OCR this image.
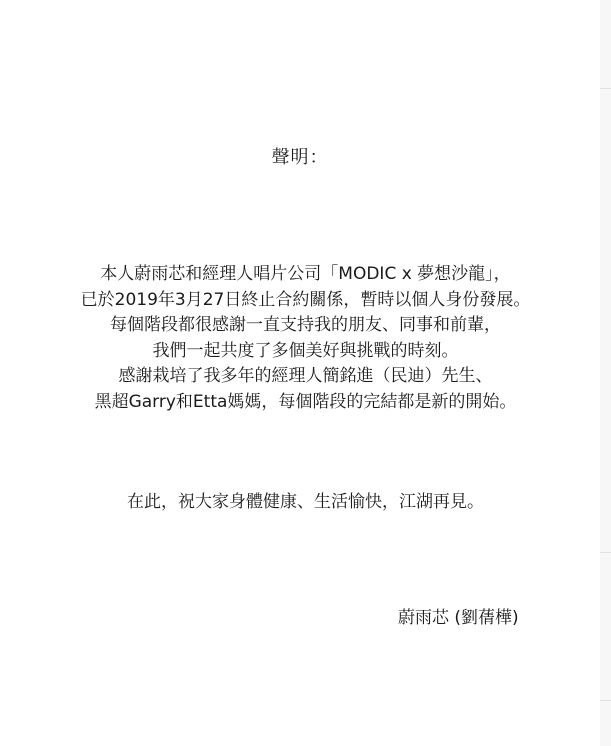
聲明：
本人蔚雨芯和經理人唱片公司「MODIC x 夢想沙龍」，
已於2019年3月27日終止合約關係，暫時以個人身份發展。
每個階段都很感謝一直支持我的朋友、同事和前輩，
我們一起共度了多個美好與挑戰的時刻。
感謝栽培了我多年的經理人簡銘進（民迪）先生、
黑超Garry和Etta媽媽，每個階段的完結都是新的開始。
在此，祝大家身體健康、生活愉快，江湖再見。
蔚雨芯 (劉蒨樺)
